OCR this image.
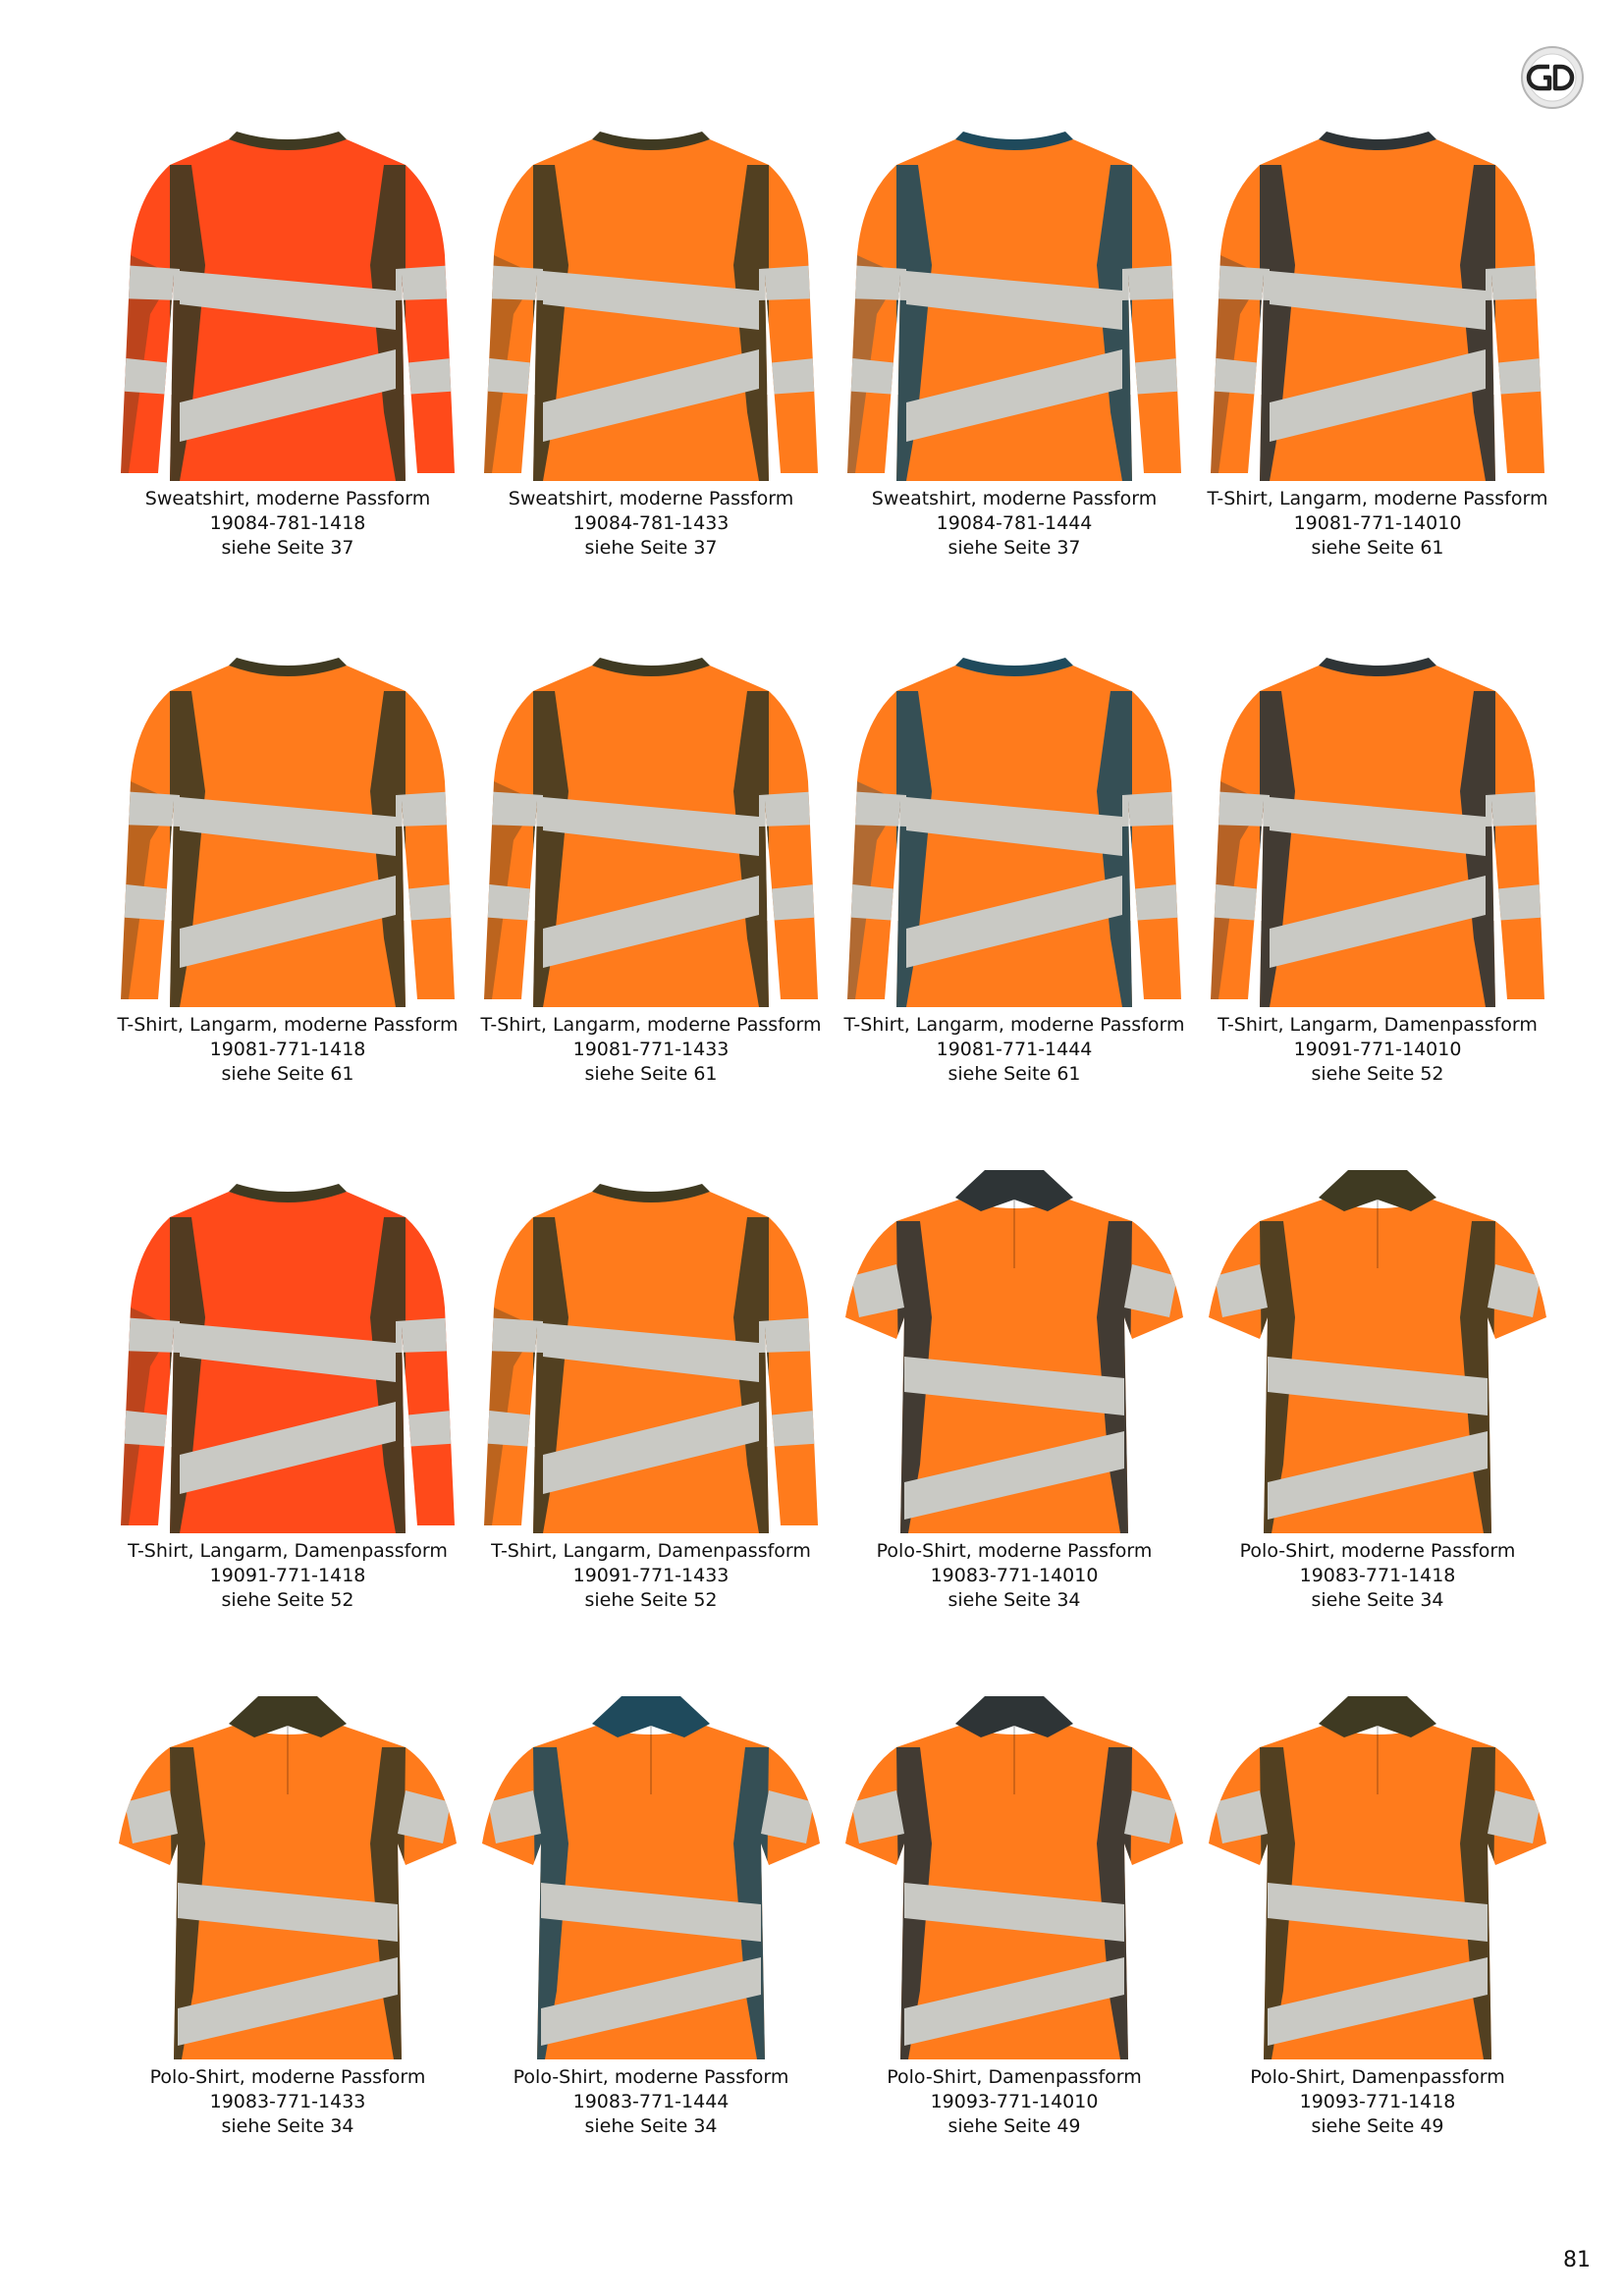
Sweatshirt, moderne Passform
19084-781-1418
siehe Seite 37
Sweatshirt, moderne Passform
19084-781-1433
siehe Seite 37
Sweatshirt, moderne Passform
19084-781-1444
siehe Seite 37
T-Shirt, Langarm, moderne Passform
19081-771-14010
siehe Seite 61
T-Shirt, Langarm, moderne Passform
19081-771-1418
siehe Seite 61
T-Shirt, Langarm, moderne Passform
19081-771-1433
siehe Seite 61
T-Shirt, Langarm, moderne Passform
19081-771-1444
siehe Seite 61
T-Shirt, Langarm, Damenpassform
19091-771-14010
siehe Seite 52
T-Shirt, Langarm, Damenpassform
19091-771-1418
siehe Seite 52
T-Shirt, Langarm, Damenpassform
19091-771-1433
siehe Seite 52
Polo-Shirt, moderne Passform
19083-771-14010
siehe Seite 34
Polo-Shirt, moderne Passform
19083-771-1418
siehe Seite 34
Polo-Shirt, moderne Passform
19083-771-1433
siehe Seite 34
Polo-Shirt, moderne Passform
19083-771-1444
siehe Seite 34
Polo-Shirt, Damenpassform
19093-771-14010
siehe Seite 49
Polo-Shirt, Damenpassform
19093-771-1418
siehe Seite 49
81
